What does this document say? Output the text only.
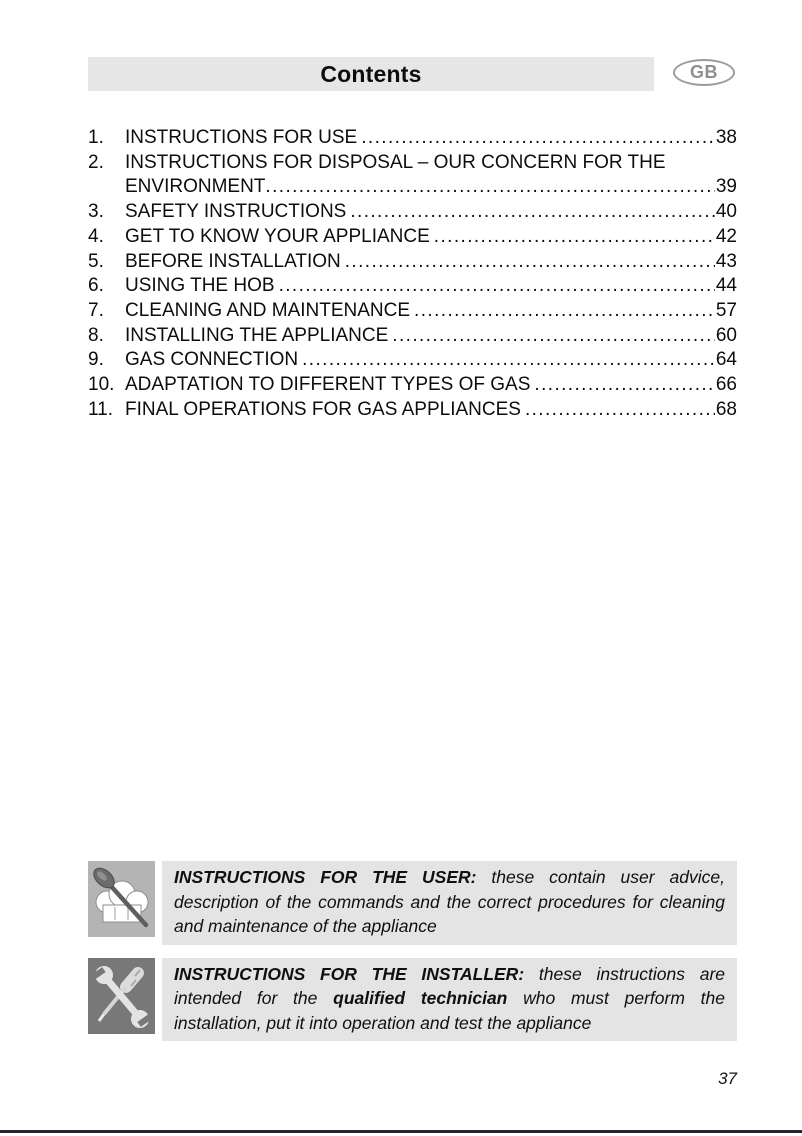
Contents	GB
1.	INSTRUCTIONS FOR USE .....	38
2.	INSTRUCTIONS FOR DISPOSAL – OUR CONCERN FOR THE
ENVIRONMENT .....	39
3.	SAFETY INSTRUCTIONS .....	40
4.	GET TO KNOW YOUR APPLIANCE .....	42
5.	BEFORE INSTALLATION .....	43
6.	USING THE HOB .....	44
7.	CLEANING AND MAINTENANCE .....	57
8.	INSTALLING THE APPLIANCE .....	60
9.	GAS CONNECTION .....	64
10. ADAPTATION TO DIFFERENT TYPES OF GAS .....	66
11. FINAL OPERATIONS FOR GAS APPLIANCES .....	68

INSTRUCTIONS FOR THE USER: these contain user advice, description of the commands and the correct procedures for cleaning and maintenance of the appliance

INSTRUCTIONS FOR THE INSTALLER: these instructions are intended for the qualified technician who must perform the installation, put it into operation and test the appliance

37
